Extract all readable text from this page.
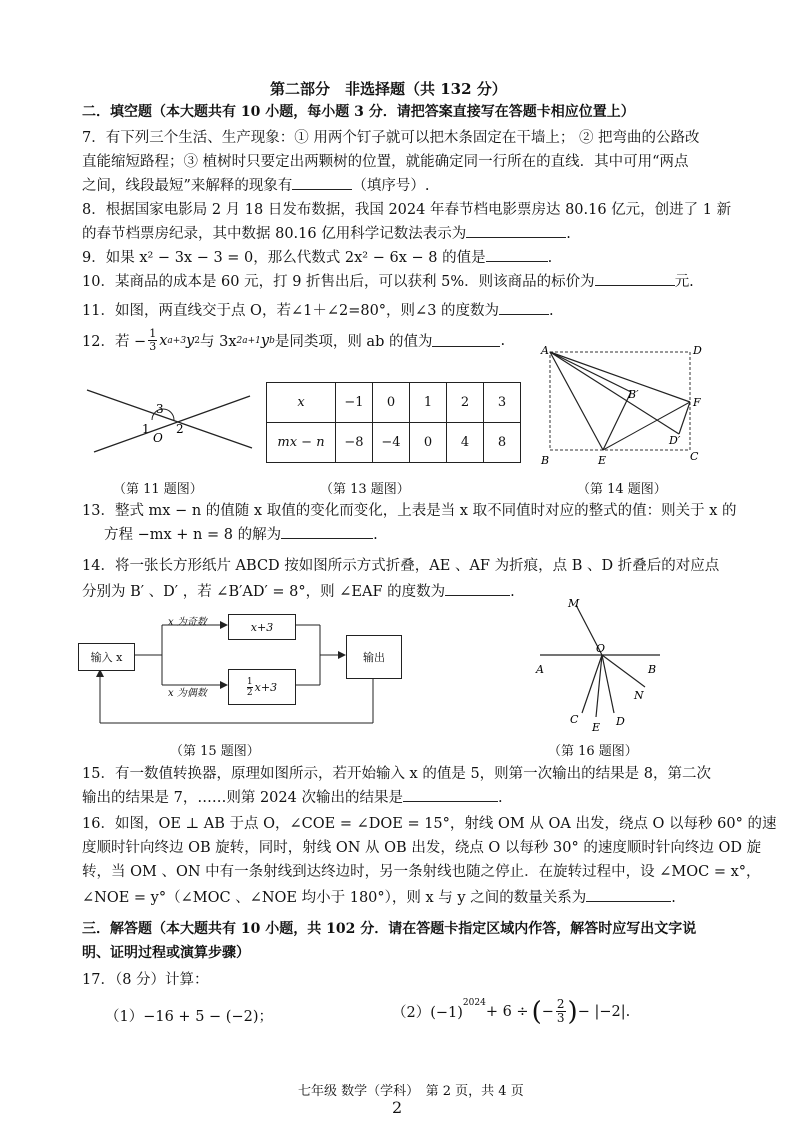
第二部分　非选择题（共 132 分）
二．填空题（本大题共有 10 小题，每小题 3 分．请把答案直接写在答题卡相应位置上）
7．有下列三个生活、生产现象：① 用两个钉子就可以把木条固定在干墙上； ② 把弯曲的公路改
直能缩短路程；③ 植树时只要定出两颗树的位置，就能确定同一行所在的直线．其中可用“两点
之间，线段最短”来解释的现象有	（填序号）.
8．根据国家电影局 2 月 18 日发布数据，我国 2024 年春节档电影票房达 80.16 亿元，创进了 1 新
的春节档票房纪录，其中数据 80.16 亿用科学记数法表示为	.
9．如果 x² − 3x − 3 = 0，那么代数式 2x² − 6x − 8 的值是	.
10．某商品的成本是 60 元，打 9 折售出后，可以获利 5%．则该商品的标价为	元.
11．如图，两直线交于点 O，若∠1＋∠2=80°，则∠3 的度数为	.
12．若 − $\frac{1}{3}$ x a+3 y 2 与 3x 2a+1 y b 是同类项，则 ab 的值为	.
3
1 2
O
（第 11 题图）
x	−1	0	1	2	3
mx − n	−8	−4	0	4	8
（第 13 题图）
A	D
B′
F
D′
B	E	C
（第 14 题图）
13．整式 mx − n 的值随 x 取值的变化而变化，上表是当 x 取不同值时对应的整式的值：则关于 x 的
方程 −mx + n = 8 的解为	.
14．将一张长方形纸片 ABCD 按如图所示方式折叠，AE 、AF 为折痕，点 B 、D 折叠后的对应点
分别为 B′ 、D′ ，若 ∠B′AD′ = 8°，则 ∠EAF 的度数为	.
输入 x
x 为奇数
x 为偶数
x+3
1
2 x+3
输出
（第 15 题图）
M
A
O
B
N
C
E D
（第 16 题图）
15．有一数值转换器，原理如图所示，若开始输入 x 的值是 5，则第一次输出的结果是 8，第二次
输出的结果是 7，……则第 2024 次输出的结果是	.
16．如图，OE ⊥ AB 于点 O，∠COE = ∠DOE = 15°，射线 OM 从 OA 出发，绕点 O 以每秒 60° 的速
度顺时针向终边 OB 旋转，同时，射线 ON 从 OB 出发，绕点 O 以每秒 30° 的速度顺时针向终边 OD 旋
转，当 OM 、ON 中有一条射线到达终边时，另一条射线也随之停止．在旋转过程中，设 ∠MOC = x°，
∠NOE = y°（∠MOC 、∠NOE 均小于 180°），则 x 与 y 之间的数量关系为	.
三．解答题（本大题共有 10 小题，共 102 分．请在答题卡指定区域内作答，解答时应写出文字说
明、证明过程或演算步骤）
17．（8 分）计算：
（1）−16 + 5 − (−2)；	（2）(−1)
$^{2024}$
+ 6 ÷ ( − $\frac{2}{3}$ ) − |−2|.
七年级 数学（学科）　第 2 页，共 4 页
2
